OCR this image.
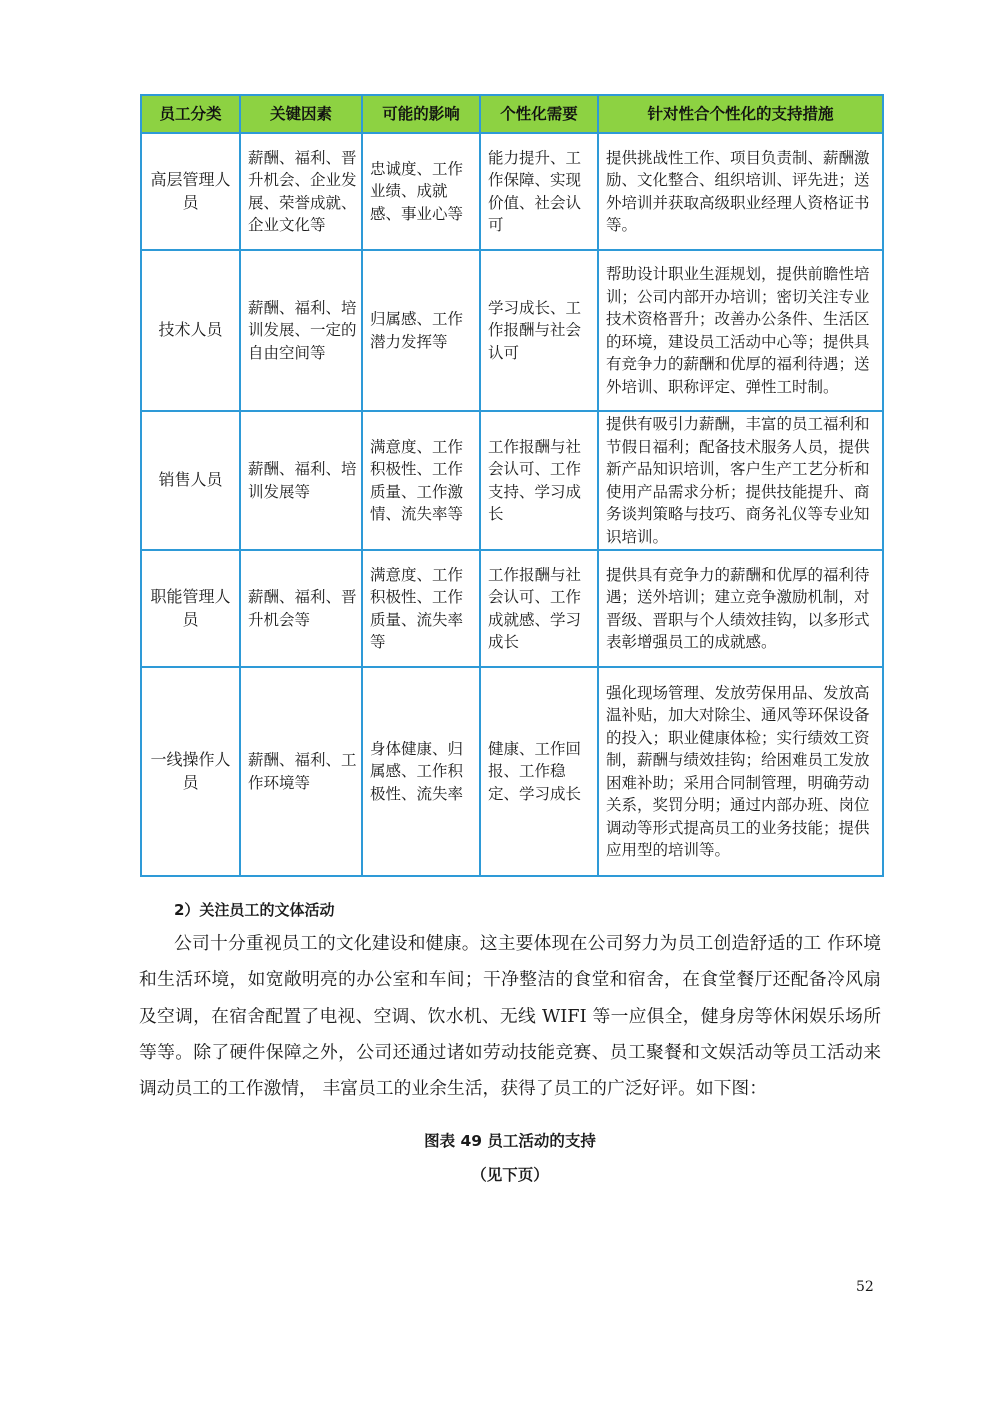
员工分类	关键因素	可能的影响	个性化需要	针对性合个性化的支持措施
高层管理人员	薪酬、福利、晋升机会、企业发展、荣誉成就、企业文化等	忠诚度、工作业绩、成就感、事业心等	能力提升、工作保障、实现价值、社会认可	提供挑战性工作、项目负责制、薪酬激励、文化整合、组织培训、评先进；送外培训并获取高级职业经理人资格证书等。
技术人员	薪酬、福利、培训发展、一定的自由空间等	归属感、工作潜力发挥等	学习成长、工作报酬与社会认可	帮助设计职业生涯规划，提供前瞻性培训；公司内部开办培训；密切关注专业技术资格晋升；改善办公条件、生活区的环境，建设员工活动中心等；提供具有竞争力的薪酬和优厚的福利待遇；送外培训、职称评定、弹性工时制。
销售人员	薪酬、福利、培训发展等	满意度、工作积极性、工作质量、工作激情、流失率等	工作报酬与社会认可、工作支持、学习成长	提供有吸引力薪酬，丰富的员工福利和节假日福利；配备技术服务人员，提供新产品知识培训，客户生产工艺分析和使用产品需求分析；提供技能提升、商务谈判策略与技巧、商务礼仪等专业知识培训。
职能管理人员	薪酬、福利、晋升机会等	满意度、工作积极性、工作质量、流失率等	工作报酬与社会认可、工作成就感、学习成长	提供具有竞争力的薪酬和优厚的福利待遇；送外培训；建立竞争激励机制，对晋级、晋职与个人绩效挂钩，以多形式表彰增强员工的成就感。
一线操作人员	薪酬、福利、工作环境等	身体健康、归属感、工作积极性、流失率	健康、工作回报、工作稳定、学习成长	强化现场管理、发放劳保用品、发放高温补贴，加大对除尘、通风等环保设备的投入；职业健康体检；实行绩效工资制，薪酬与绩效挂钩；给困难员工发放困难补助；采用合同制管理，明确劳动关系，奖罚分明；通过内部办班、岗位调动等形式提高员工的业务技能；提供应用型的培训等。
2）关注员工的文体活动

公司十分重视员工的文化建设和健康。这主要体现在公司努力为员工创造舒适的工 作环境和生活环境，如宽敞明亮的办公室和车间；干净整洁的食堂和宿舍，在食堂餐厅还配备冷风扇及空调，在宿舍配置了电视、空调、饮水机、无线 WIFI 等一应俱全，健身房等休闲娱乐场所等等。除了硬件保障之外，公司还通过诸如劳动技能竞赛、员工聚餐和文娱活动等员工活动来调动员工的工作激情， 丰富员工的业余生活，获得了员工的广泛好评。如下图：

图表 49 员工活动的支持
（见下页）
52
